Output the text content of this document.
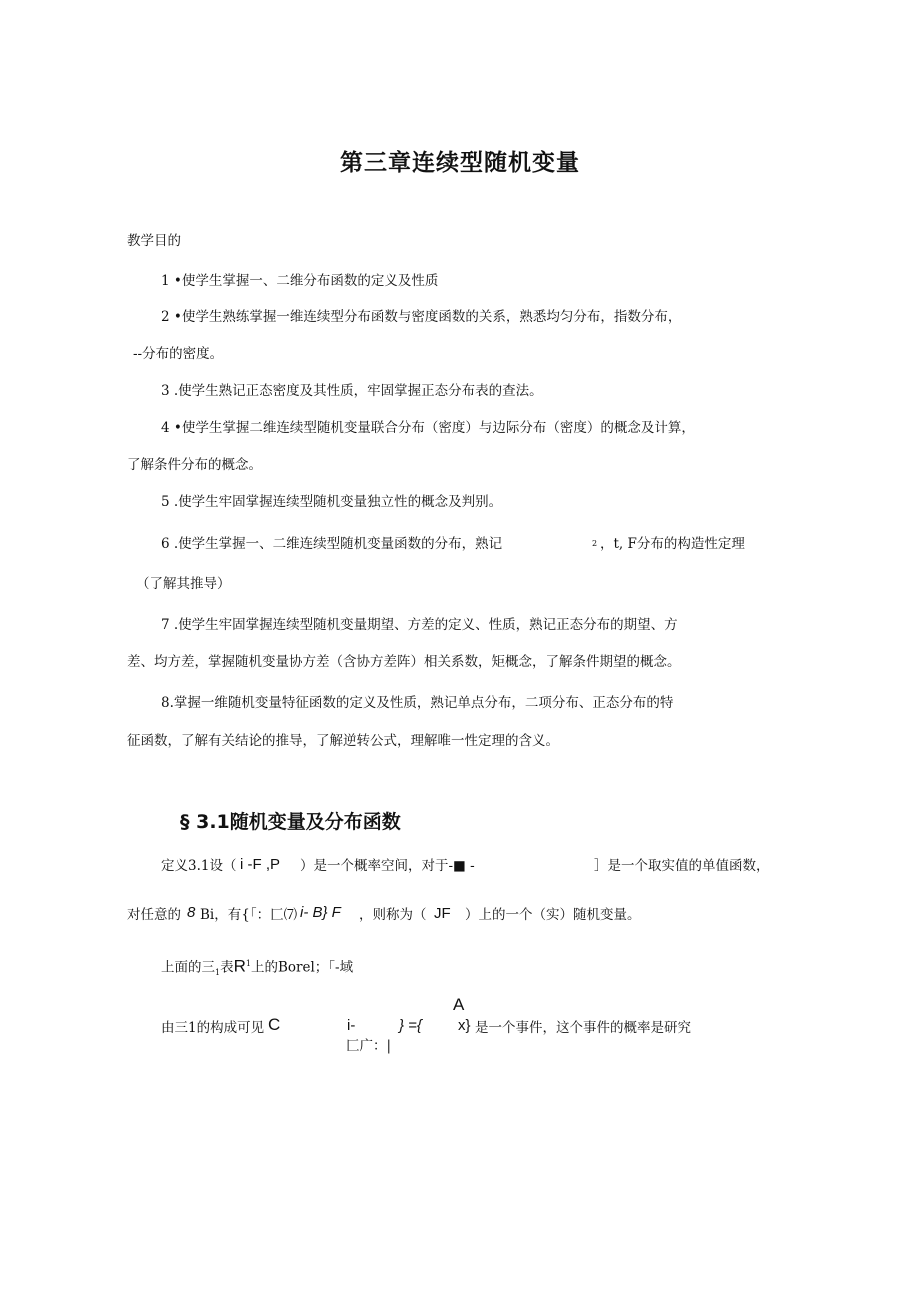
第三章连续型随机变量
教学目的
1 •使学生掌握一、二维分布函数的定义及性质
2 •使学生熟练掌握一维连续型分布函数与密度函数的关系，熟悉均匀分布，指数分布，
--分布的密度。
3 .使学生熟记正态密度及其性质，牢固掌握正态分布表的查法。
4 •使学生掌握二维连续型随机变量联合分布（密度）与边际分布（密度）的概念及计算，
了解条件分布的概念。
5 .使学生牢固掌握连续型随机变量独立性的概念及判别。
6 .使学生掌握一、二维连续型随机变量函数的分布，熟记	$^2$ ，t, F分布的构造性定理
（了解其推导）
7 .使学生牢固掌握连续型随机变量期望、方差的定义、性质，熟记正态分布的期望、方
差、均方差，掌握随机变量协方差（含协方差阵）相关系数，矩概念，了解条件期望的概念。
8.掌握一维随机变量特征函数的定义及性质，熟记单点分布，二项分布、正态分布的特
征函数，了解有关结论的推导，了解逆转公式，理解唯一性定理的含义。
§ 3.1随机变量及分布函数
定义3.1设（ i -F ,P ）是一个概率空间，对于-■ -	］是一个取实值的单值函数，
对任意的 8 Bi，有{「：匚⑺ i- B} F ，则称为（ JF ）上的一个（实）随机变量。
上面的三$_1$表$R^1$上的Borel；「-域
A
由三1的构成可见 C	i-	} ={ x} 是一个事件，这个事件的概率是研究
匚广：|
